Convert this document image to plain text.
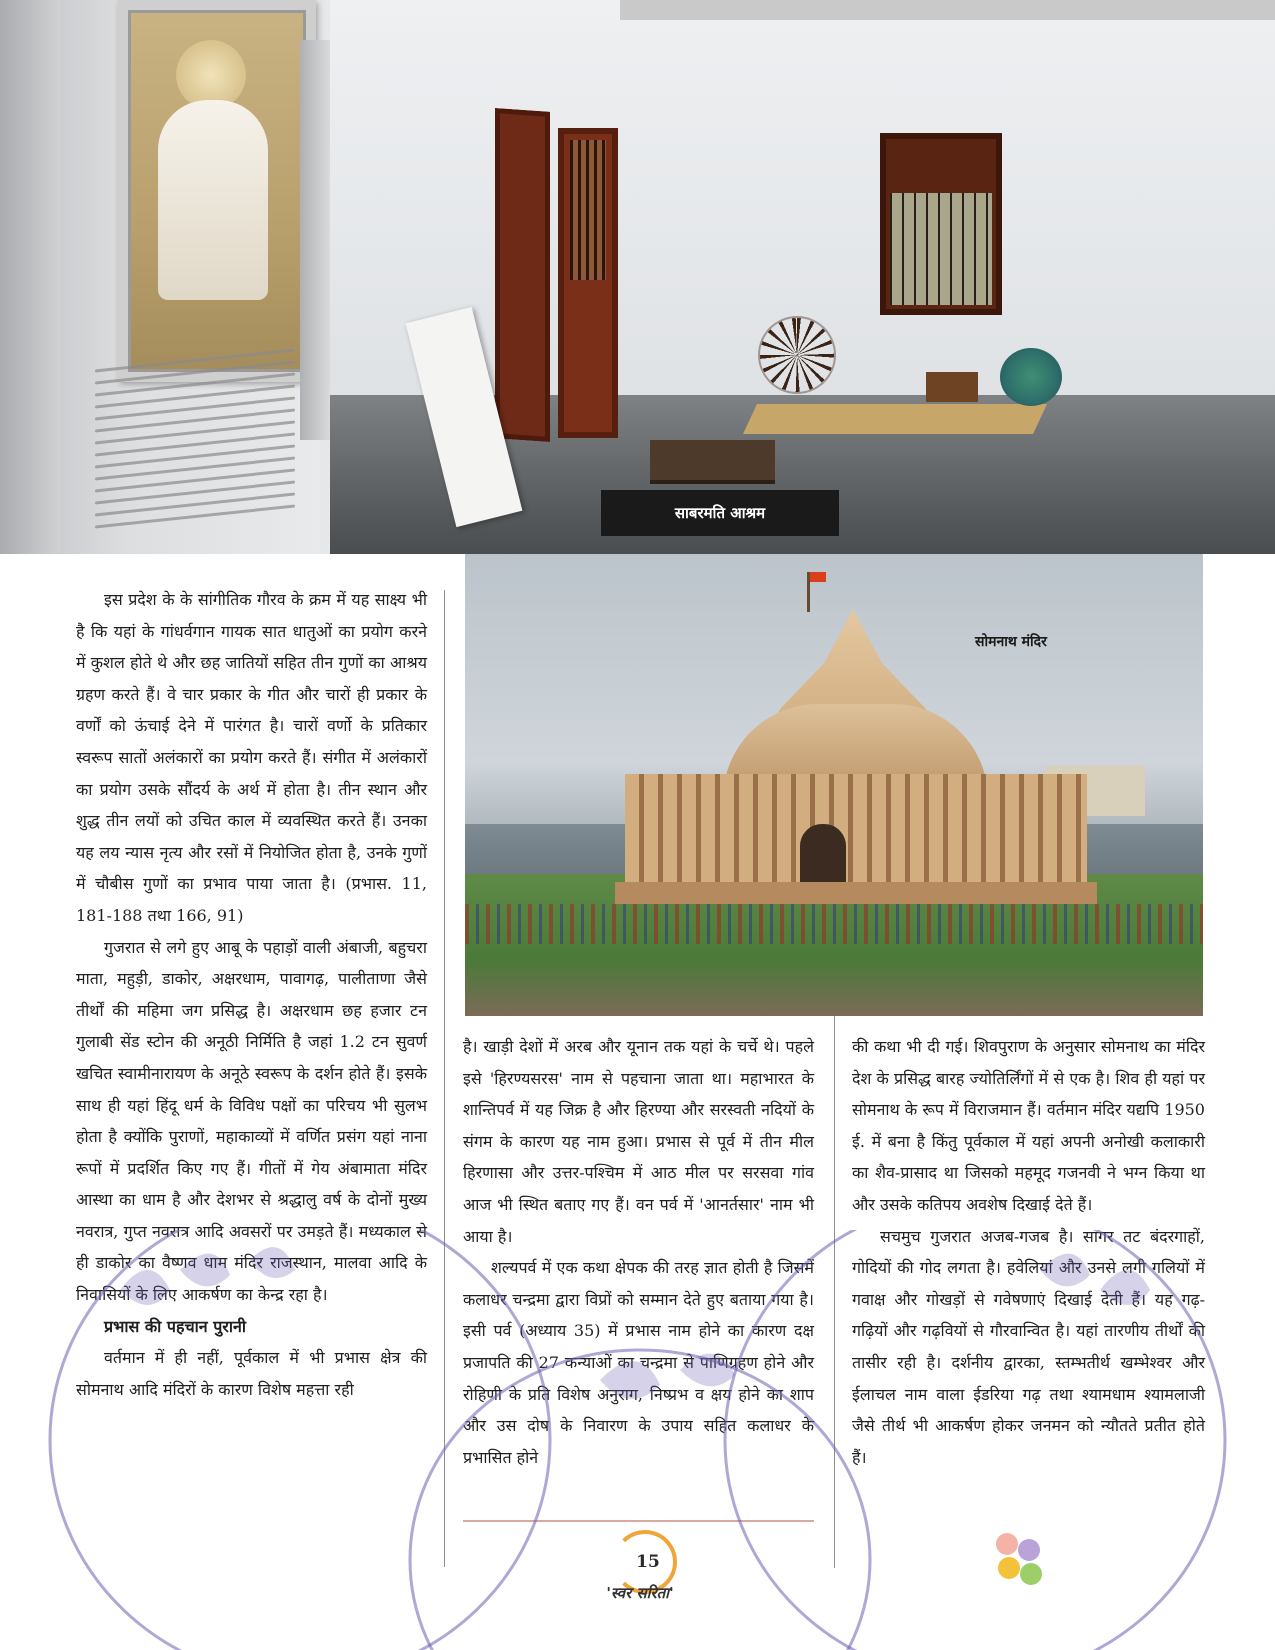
साबरमति आश्रम
सोमनाथ मंदिर

इस प्रदेश के के सांगीतिक गौरव के क्रम में यह साक्ष्य भी है कि यहां के गांधर्वगान गायक सात धातुओं का प्रयोग करने में कुशल होते थे और छह जातियों सहित तीन गुणों का आश्रय ग्रहण करते हैं। वे चार प्रकार के गीत और चारों ही प्रकार के वर्णों को ऊंचाई देने में पारंगत है। चारों वर्णो के प्रतिकार स्वरूप सातों अलंकारों का प्रयोग करते हैं। संगीत में अलंकारों का प्रयोग उसके सौंदर्य के अर्थ में होता है। तीन स्थान और शुद्ध तीन लयों को उचित काल में व्यवस्थित करते हैं। उनका यह लय न्यास नृत्य और रसों में नियोजित होता है, उनके गुणों में चौबीस गुणों का प्रभाव पाया जाता है। (प्रभास. 11, 181-188 तथा 166, 91)

गुजरात से लगे हुए आबू के पहाड़ों वाली अंबाजी, बहुचरा माता, महुड़ी, डाकोर, अक्षरधाम, पावागढ़, पालीताणा जैसे तीर्थों की महिमा जग प्रसिद्ध है। अक्षरधाम छह हजार टन गुलाबी सेंड स्टोन की अनूठी निर्मिति है जहां 1.2 टन सुवर्ण खचित स्वामीनारायण के अनूठे स्वरूप के दर्शन होते हैं। इसके साथ ही यहां हिंदू धर्म के विविध पक्षों का परिचय भी सुलभ होता है क्योंकि पुराणों, महाकाव्यों में वर्णित प्रसंग यहां नाना रूपों में प्रदर्शित किए गए हैं। गीतों में गेय अंबामाता मंदिर आस्था का धाम है और देशभर से श्रद्धालु वर्ष के दोनों मुख्य नवरात्र, गुप्त नवरात्र आदि अवसरों पर उमड़ते हैं। मध्यकाल से ही डाकोर का वैष्णव धाम मंदिर राजस्थान, मालवा आदि के निवासियों के लिए आकर्षण का केन्द्र रहा है।

प्रभास की पहचान पुरानी

वर्तमान में ही नहीं, पूर्वकाल में भी प्रभास क्षेत्र की सोमनाथ आदि मंदिरों के कारण विशेष महत्ता रही

है। खाड़ी देशों में अरब और यूनान तक यहां के चर्चे थे। पहले इसे 'हिरण्यसरस' नाम से पहचाना जाता था। महाभारत के शान्तिपर्व में यह जिक्र है और हिरण्या और सरस्वती नदियों के संगम के कारण यह नाम हुआ। प्रभास से पूर्व में तीन मील हिरणासा और उत्तर-पश्चिम में आठ मील पर सरसवा गांव आज भी स्थित बताए गए हैं। वन पर्व में 'आनर्तसार' नाम भी आया है।

शल्यपर्व में एक कथा क्षेपक की तरह ज्ञात होती है जिसमें कलाधर चन्द्रमा द्वारा विप्रों को सम्मान देते हुए बताया गया है। इसी पर्व (अध्याय 35) में प्रभास नाम होने का कारण दक्ष प्रजापति की 27 कन्याओं का चन्द्रमा से पाणिग्रहण होने और रोहिणी के प्रति विशेष अनुराग, निष्प्रभ व क्षय होने का शाप और उस दोष के निवारण के उपाय सहित कलाधर के प्रभासित होने

की कथा भी दी गई। शिवपुराण के अनुसार सोमनाथ का मंदिर देश के प्रसिद्ध बारह ज्योतिर्लिंगों में से एक है। शिव ही यहां पर सोमनाथ के रूप में विराजमान हैं। वर्तमान मंदिर यद्यपि 1950 ई. में बना है किंतु पूर्वकाल में यहां अपनी अनोखी कलाकारी का शैव-प्रासाद था जिसको महमूद गजनवी ने भग्न किया था और उसके कतिपय अवशेष दिखाई देते हैं।

सचमुच गुजरात अजब-गजब है। सागर तट बंदरगाहों, गोदियों की गोद लगता है। हवेलियां और उनसे लगी गलियों में गवाक्ष और गोखड़ों से गवेषणाएं दिखाई देती हैं। यह गढ़-गढ़ियों और गढ़वियों से गौरवान्वित है। यहां तारणीय तीर्थों की तासीर रही है। दर्शनीय द्वारका, स्तम्भतीर्थ खम्भेश्वर और ईलाचल नाम वाला ईडरिया गढ़ तथा श्यामधाम श्यामलाजी जैसे तीर्थ भी आकर्षण होकर जनमन को न्यौतते प्रतीत होते हैं।

15
'स्वर सरिता'
